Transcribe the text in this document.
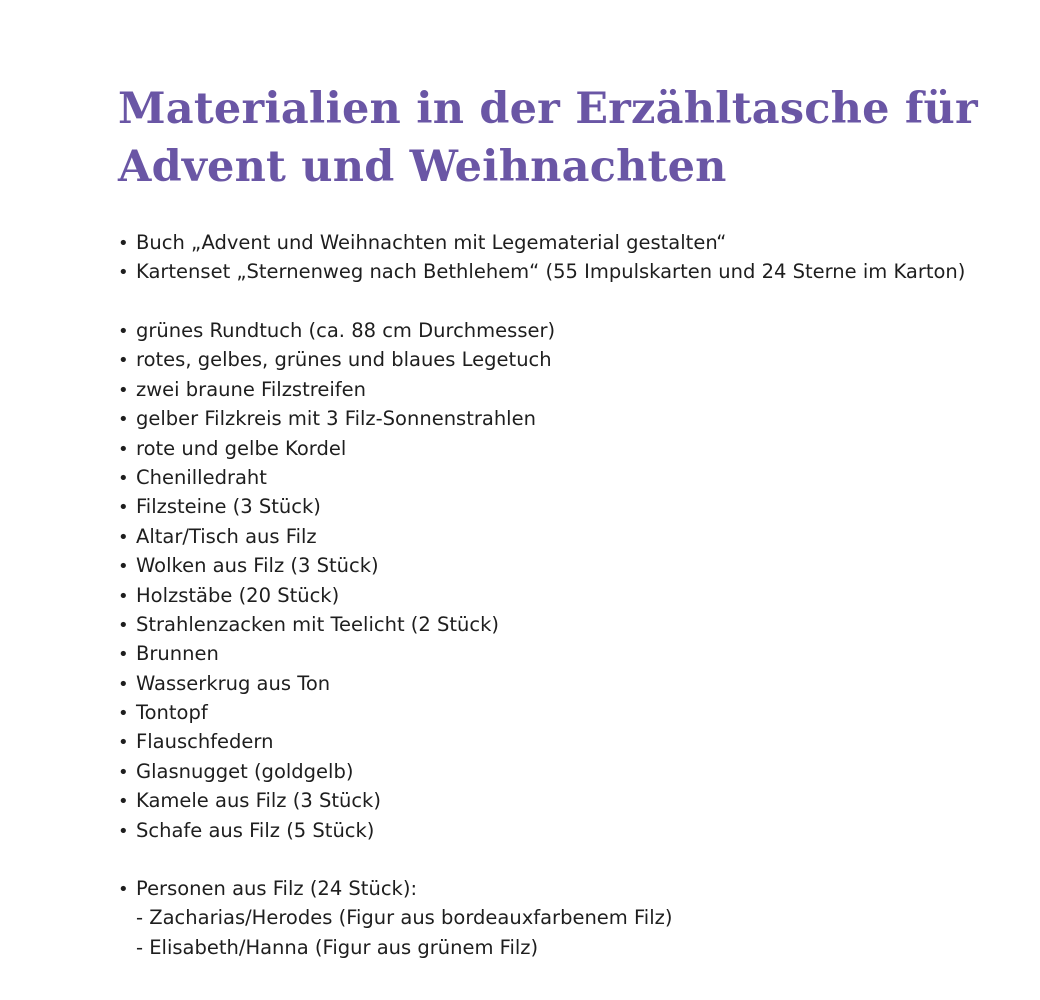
Materialien in der Erzähltasche für
Advent und Weihnachten
• Buch „Advent und Weihnachten mit Legematerial gestalten“
• Kartenset „Sternenweg nach Bethlehem“ (55 Impulskarten und 24 Sterne im Karton)
• grünes Rundtuch (ca. 88 cm Durchmesser)
• rotes, gelbes, grünes und blaues Legetuch
• zwei braune Filzstreifen
• gelber Filzkreis mit 3 Filz-Sonnenstrahlen
• rote und gelbe Kordel
• Chenilledraht
• Filzsteine (3 Stück)
• Altar/Tisch aus Filz
• Wolken aus Filz (3 Stück)
• Holzstäbe (20 Stück)
• Strahlenzacken mit Teelicht (2 Stück)
• Brunnen
• Wasserkrug aus Ton
• Tontopf
• Flauschfedern
• Glasnugget (goldgelb)
• Kamele aus Filz (3 Stück)
• Schafe aus Filz (5 Stück)
• Personen aus Filz (24 Stück):
- Zacharias/Herodes (Figur aus bordeauxfarbenem Filz)
- Elisabeth/Hanna (Figur aus grünem Filz)
